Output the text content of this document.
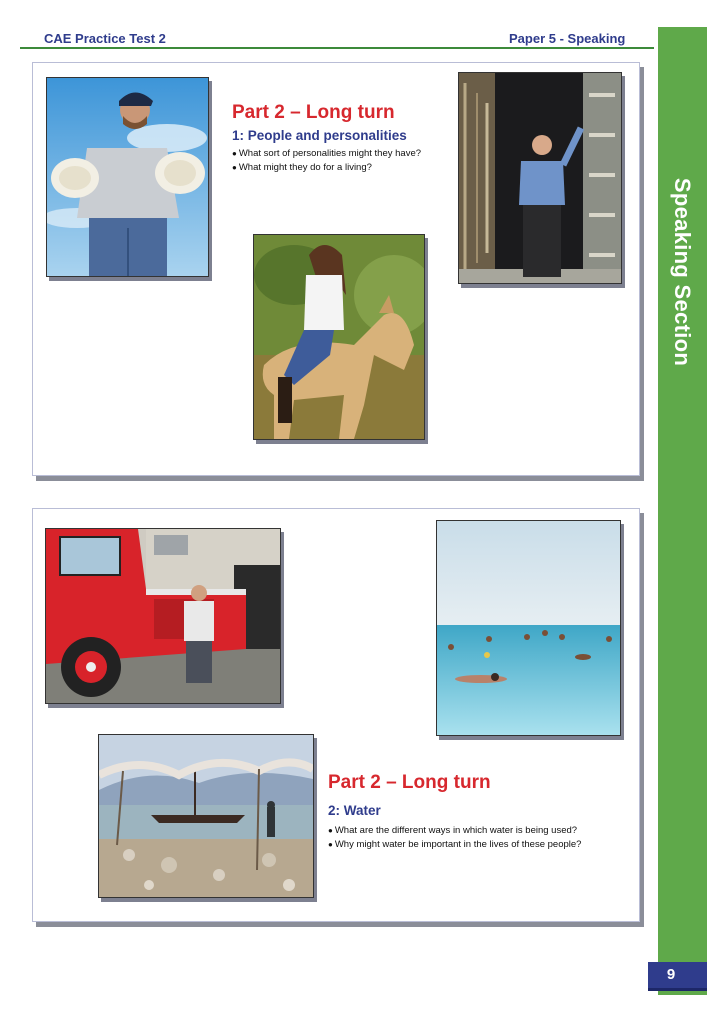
CAE Practice Test 2	Paper 5 - Speaking
Speaking Section
9
Part 2 – Long turn
1: People and personalities
● What sort of personalities might they have?
● What might they do for a living?
Part 2 – Long turn
2: Water
● What are the different ways in which water is being used?
● Why might water be important in the lives of these people?
